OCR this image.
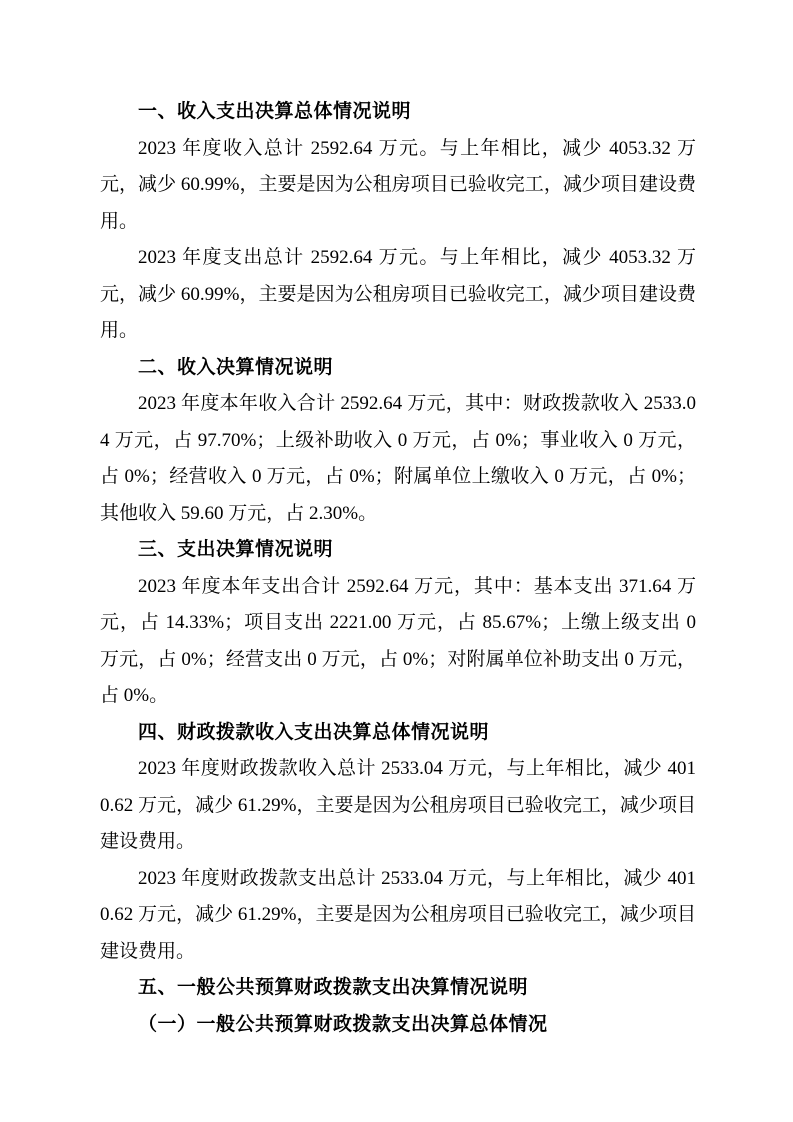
一、收入支出决算总体情况说明

2023 年度收入总计 2592.64 万元。与上年相比，减少 4053.32 万元，减少 60.99%，主要是因为公租房项目已验收完工，减少项目建设费用。

2023 年度支出总计 2592.64 万元。与上年相比，减少 4053.32 万元，减少 60.99%，主要是因为公租房项目已验收完工，减少项目建设费用。

二、收入决算情况说明

2023 年度本年收入合计 2592.64 万元，其中：财政拨款收入 2533.04 万元，占 97.70%；上级补助收入 0 万元，占 0%；事业收入 0 万元，占 0%；经营收入 0 万元，占 0%；附属单位上缴收入 0 万元，占 0%；其他收入 59.60 万元，占 2.30%。

三、支出决算情况说明

2023 年度本年支出合计 2592.64 万元，其中：基本支出 371.64 万元，占 14.33%；项目支出 2221.00 万元，占 85.67%；上缴上级支出 0 万元，占 0%；经营支出 0 万元，占 0%；对附属单位补助支出 0 万元，占 0%。

四、财政拨款收入支出决算总体情况说明

2023 年度财政拨款收入总计 2533.04 万元，与上年相比，减少 4010.62 万元，减少 61.29%，主要是因为公租房项目已验收完工，减少项目建设费用。

2023 年度财政拨款支出总计 2533.04 万元，与上年相比，减少 4010.62 万元，减少 61.29%，主要是因为公租房项目已验收完工，减少项目建设费用。

五、一般公共预算财政拨款支出决算情况说明
（一）一般公共预算财政拨款支出决算总体情况
